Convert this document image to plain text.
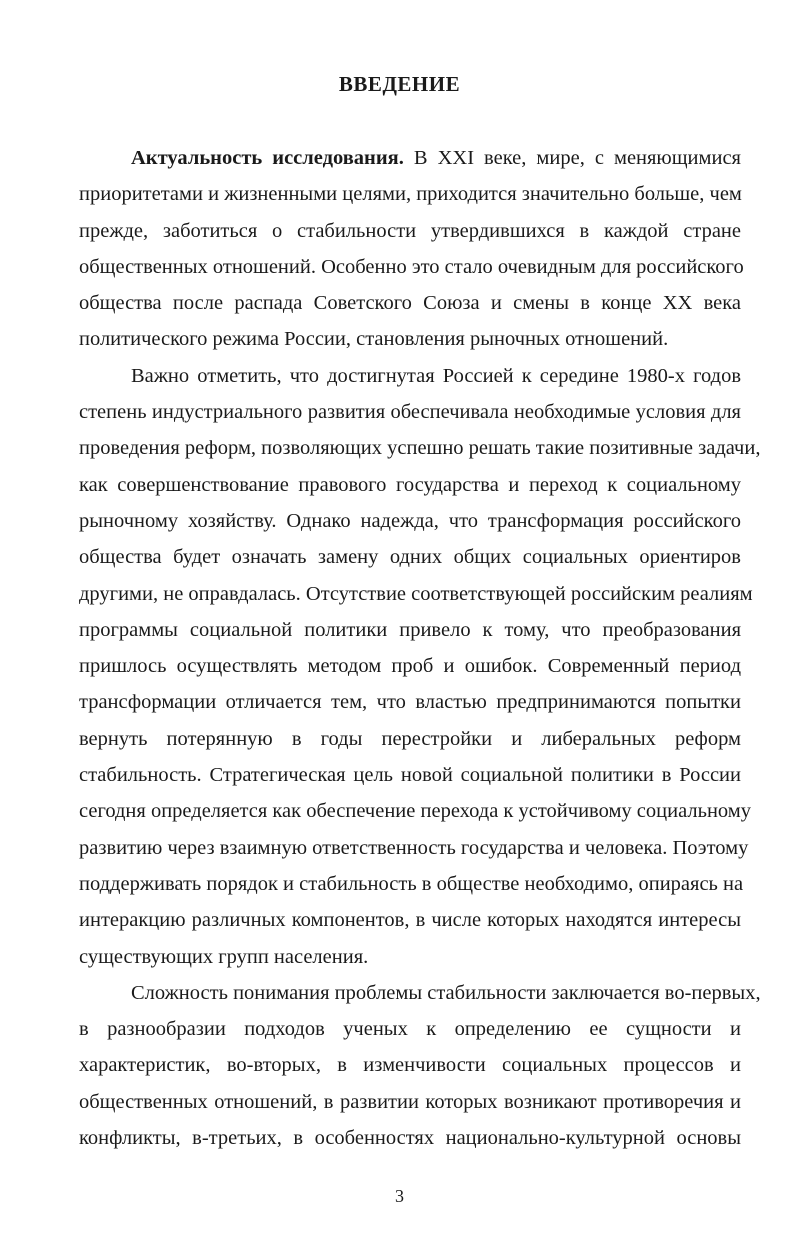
ВВЕДЕНИЕ
Актуальность исследования. В XXI веке, мире, с меняющимися
приоритетами и жизненными целями, приходится значительно больше, чем
прежде, заботиться о стабильности утвердившихся в каждой стране
общественных отношений. Особенно это стало очевидным для российского
общества после распада Советского Союза и смены в конце XX века
политического режима России, становления рыночных отношений.
Важно отметить, что достигнутая Россией к середине 1980-х годов
степень индустриального развития обеспечивала необходимые условия для
проведения реформ, позволяющих успешно решать такие позитивные задачи,
как совершенствование правового государства и переход к социальному
рыночному хозяйству. Однако надежда, что трансформация российского
общества будет означать замену одних общих социальных ориентиров
другими, не оправдалась. Отсутствие соответствующей российским реалиям
программы социальной политики привело к тому, что преобразования
пришлось осуществлять методом проб и ошибок. Современный период
трансформации отличается тем, что властью предпринимаются попытки
вернуть потерянную в годы перестройки и либеральных реформ
стабильность. Стратегическая цель новой социальной политики в России
сегодня определяется как обеспечение перехода к устойчивому социальному
развитию через взаимную ответственность государства и человека. Поэтому
поддерживать порядок и стабильность в обществе необходимо, опираясь на
интеракцию различных компонентов, в числе которых находятся интересы
существующих групп населения.
Сложность понимания проблемы стабильности заключается во-первых,
в разнообразии подходов ученых к определению ее сущности и
характеристик, во-вторых, в изменчивости социальных процессов и
общественных отношений, в развитии которых возникают противоречия и
конфликты, в-третьих, в особенностях национально-культурной основы
3
